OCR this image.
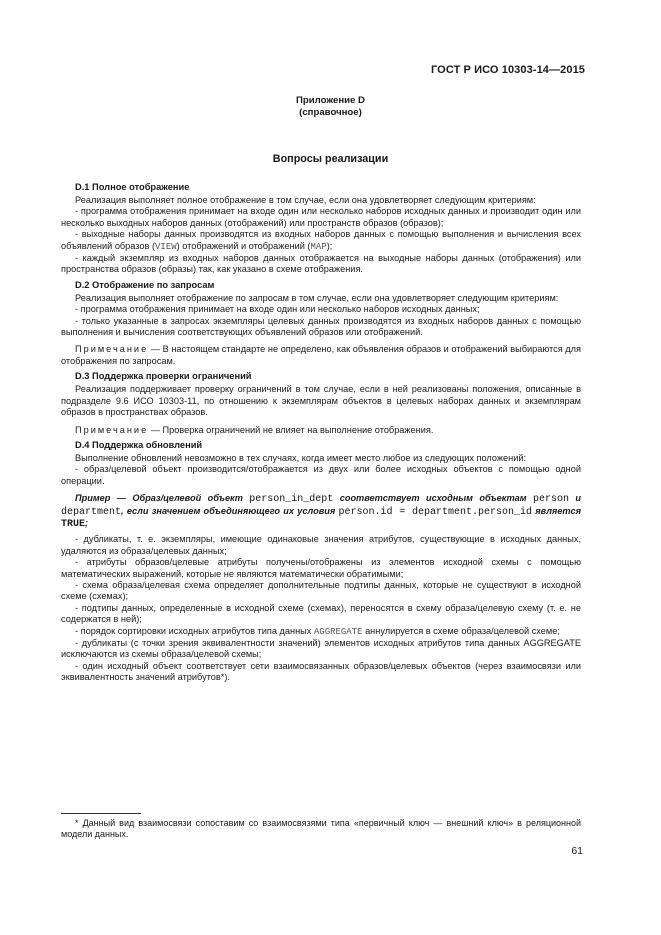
ГОСТ Р ИСО 10303-14—2015
Приложение D
(справочное)
Вопросы реализации
D.1 Полное отображение

Реализация выполняет полное отображение в том случае, если она удовлетворяет следующим критериям:

- программа отображения принимает на входе один или несколько наборов исходных данных и производит один или несколько выходных наборов данных (отображений) или пространств образов (образов);

- выходные наборы данных производятся из входных наборов данных с помощью выполнения и вычисления всех объявлений образов (VIEW) отображений и отображений (MAP);

- каждый экземпляр из входных наборов данных отображается на выходные наборы данных (отображения) или пространства образов (образы) так, как указано в схеме отображения.

D.2 Отображение по запросам

Реализация выполняет отображение по запросам в том случае, если она удовлетворяет следующим критериям:

- программа отображения принимает на входе один или несколько наборов исходных данных;

- только указанные в запросах экземпляры целевых данных производятся из входных наборов данных с помощью выполнения и вычисления соответствующих объявлений образов или отображений.

Примечание — В настоящем стандарте не определено, как объявления образов и отображений выбираются для отображения по запросам.

D.3 Поддержка проверки ограничений

Реализация поддерживает проверку ограничений в том случае, если в ней реализованы положения, описанные в подразделе 9.6 ИСО 10303-11, по отношению к экземплярам объектов в целевых наборах данных и экземплярам образов в пространствах образов.

Примечание — Проверка ограничений не влияет на выполнение отображения.

D.4 Поддержка обновлений

Выполнение обновлений невозможно в тех случаях, когда имеет место любое из следующих положений:

- образ/целевой объект производится/отображается из двух или более исходных объектов с помощью одной операции.

Пример — Образ/целевой объект person_in_dept соответствует исходным объектам person и department, если значением объединяющего их условия person.id = department.person_id является TRUE;

- дубликаты, т. е. экземпляры, имеющие одинаковые значения атрибутов, существующие в исходных данных, удаляются из образа/целевых данных;

- атрибуты образов/целевые атрибуты получены/отображены из элементов исходной схемы с помощью математических выражений, которые не являются математически обратимыми;

- схема образа/целевая схема определяет дополнительные подтипы данных, которые не существуют в исходной схеме (схемах);

- подтипы данных, определенные в исходной схеме (схемах), переносятся в схему образа/целевую схему (т. е. не содержатся в ней);

- порядок сортировки исходных атрибутов типа данных AGGREGATE аннулируется в схеме образа/целевой схеме;

- дубликаты (с точки зрения эквивалентности значений) элементов исходных атрибутов типа данных AGGREGATE исключаются из схемы образа/целевой схемы;

- один исходный объект соответствует сети взаимосвязанных образов/целевых объектов (через взаимосвязи или эквивалентность значений атрибутов*).

* Данный вид взаимосвязи сопоставим со взаимосвязями типа «первичный ключ — внешний ключ» в реляционной модели данных.
61
